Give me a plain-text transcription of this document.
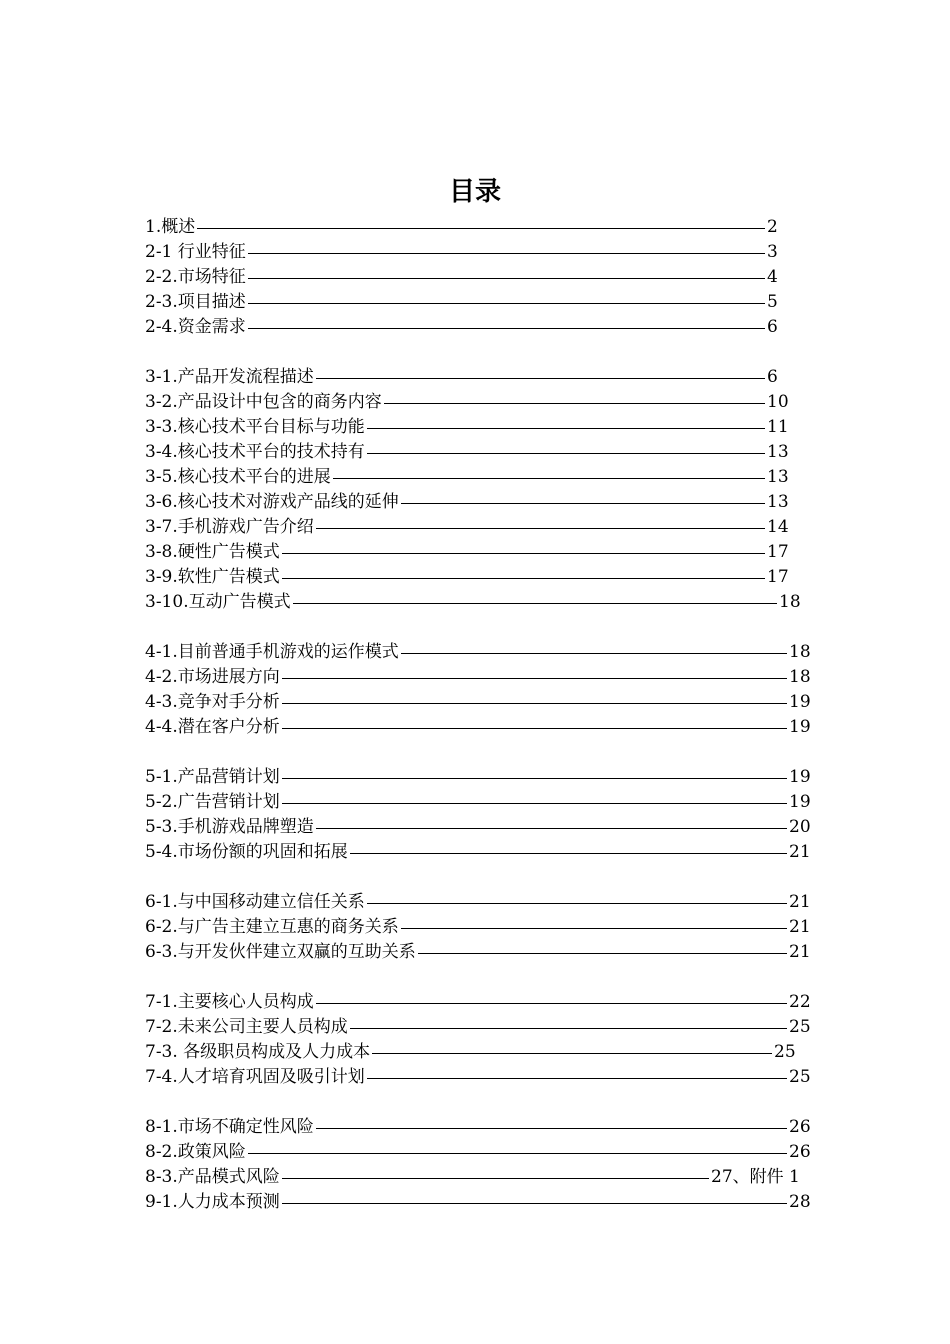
目录
1.概述	2
2-1 行业特征	3
2-2.市场特征	4
2-3.项目描述	5
2-4.资金需求	6
3-1.产品开发流程描述	6
3-2.产品设计中包含的商务内容	10
3-3.核心技术平台目标与功能	11
3-4.核心技术平台的技术持有	13
3-5.核心技术平台的进展	13
3-6.核心技术对游戏产品线的延伸	13
3-7.手机游戏广告介绍	14
3-8.硬性广告模式	17
3-9.软性广告模式	17
3-10.互动广告模式	18
4-1.目前普通手机游戏的运作模式	18
4-2.市场进展方向	18
4-3.竞争对手分析	19
4-4.潜在客户分析	19
5-1.产品营销计划	19
5-2.广告营销计划	19
5-3.手机游戏品牌塑造	20
5-4.市场份额的巩固和拓展	21
6-1.与中国移动建立信任关系	21
6-2.与广告主建立互惠的商务关系	21
6-3.与开发伙伴建立双赢的互助关系	21
7-1.主要核心人员构成	22
7-2.未来公司主要人员构成	25
7-3. 各级职员构成及人力成本	25
7-4.人才培育巩固及吸引计划	25
8-1.市场不确定性风险	26
8-2.政策风险	26
8-3.产品模式风险	27、附件 1
9-1.人力成本预测	28
